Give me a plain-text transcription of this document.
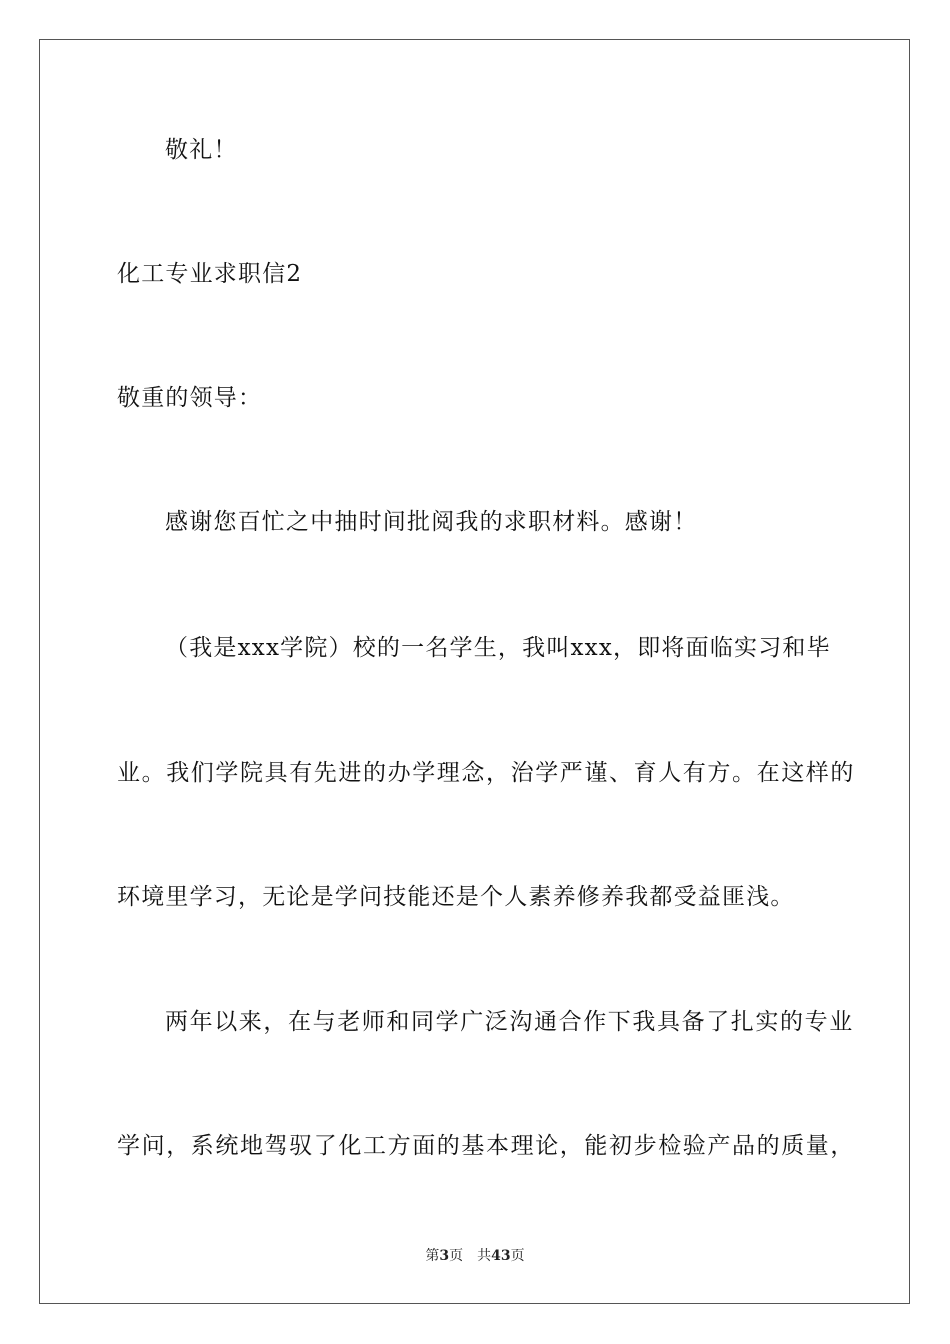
敬礼！
化工专业求职信2
敬重的领导：
感谢您百忙之中抽时间批阅我的求职材料。感谢！
（我是xxx学院）校的一名学生，我叫xxx，即将面临实习和毕
业。我们学院具有先进的办学理念，治学严谨、育人有方。在这样的
环境里学习，无论是学问技能还是个人素养修养我都受益匪浅。
两年以来，在与老师和同学广泛沟通合作下我具备了扎实的专业
学问，系统地驾驭了化工方面的基本理论，能初步检验产品的质量，
第3页 共43页
